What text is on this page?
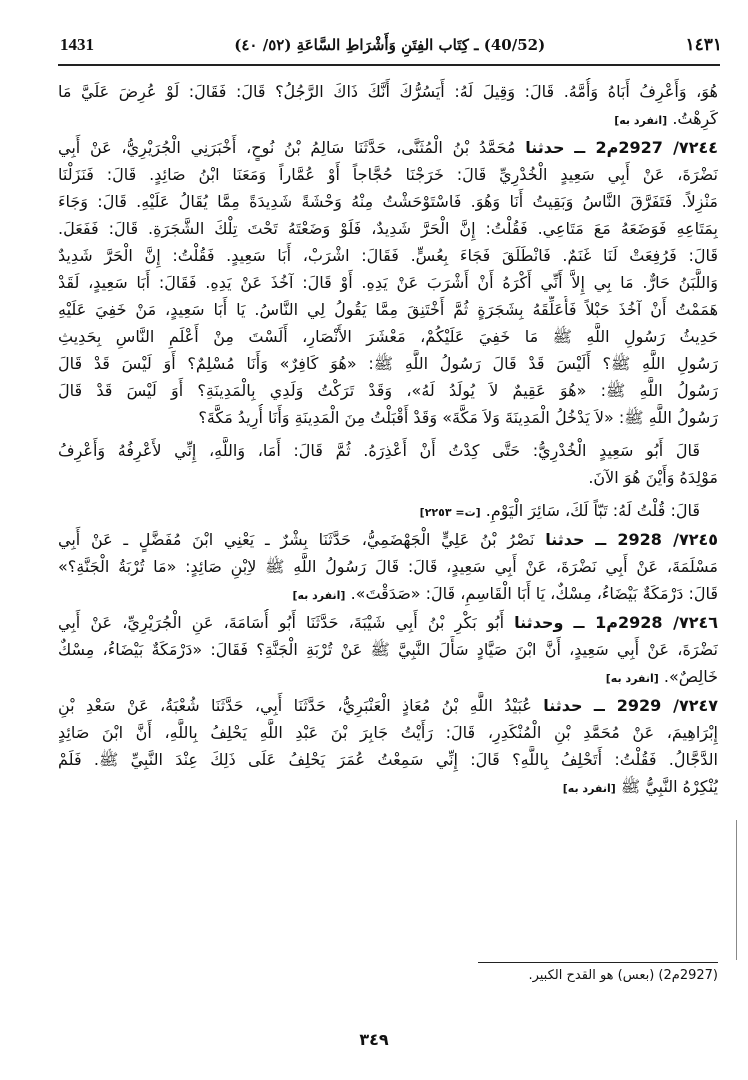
1431	(40/52) ـ كِتَاب الفِتَنِ وَأَشْرَاطِ السَّاعَةِ (٥٢/ ٤٠)	١٤٣١
هُوَ، وَأَعْرِفُ أَبَاهُ وَأُمَّهُ. قَالَ: وَقِيلَ لَهُ: أَيَسُرُّكَ أَنَّكَ ذَاكَ الرَّجُلُ؟ قَالَ: فَقَالَ: لَوْ عُرِضَ عَلَيَّ مَا
كَرِهْتُ. [انفرد به]
٧٢٤٤/ 2927م2 ــ حدثنا مُحَمَّدُ بْنُ الْمُثَنَّى، حَدَّثَنَا سَالِمُ بْنُ نُوحٍ، أَخْبَرَنِي الْجُرَيْرِيُّ، عَنْ أَبِي
نَضْرَةَ، عَنْ أَبِي سَعِيدٍ الْخُدْرِيِّ قَالَ: خَرَجْنَا حُجَّاجاً أَوْ عُمَّاراً وَمَعَنَا ابْنُ صَائِدٍ. قَالَ: فَنَزَلْنَا
مَنْزِلاً. فَتَفَرَّقَ النَّاسُ وَبَقِيتُ أَنَا وَهُوَ. فَاسْتَوْحَشْتُ مِنْهُ وَحْشَةً شَدِيدَةً مِمَّا يُقَالُ عَلَيْهِ. قَالَ: وَجَاءَ
بِمَتَاعِهِ فَوَضَعَهُ مَعَ مَتَاعِي. فَقُلْتُ: إِنَّ الْحَرَّ شَدِيدٌ، فَلَوْ وَضَعْتَهُ تَحْتَ تِلْكَ الشَّجَرَةِ. قَالَ: فَفَعَلَ.
قَالَ: فَرُفِعَتْ لَنَا غَنَمٌ. فَانْطَلَقَ فَجَاءَ بِعُسٍّ. فَقَالَ: اشْرَبْ، أَبَا سَعِيدٍ. فَقُلْتُ: إِنَّ الْحَرَّ شَدِيدٌ
وَاللَّبَنُ حَارٌّ. مَا بِي إِلاَّ أَنِّي أَكْرَهُ أَنْ أَشْرَبَ عَنْ يَدِهِ. أَوْ قَالَ: آخُذَ عَنْ يَدِهِ. فَقَالَ: أَبَا سَعِيدٍ، لَقَدْ
هَمَمْتُ أَنْ آخُذَ حَبْلاً فَأُعَلِّقَهُ بِشَجَرَةٍ ثُمَّ أَخْتَنِقَ مِمَّا يَقُولُ لِي النَّاسُ. يَا أَبَا سَعِيدٍ، مَنْ خَفِيَ عَلَيْهِ
حَدِيثُ رَسُولِ اللَّهِ ﷺ مَا خَفِيَ عَلَيْكُمْ، مَعْشَرَ الأَنْصَارِ، أَلَسْتَ مِنْ أَعْلَمِ النَّاسِ بِحَدِيثِ
رَسُولِ اللَّهِ ﷺ؟ أَلَيْسَ قَدْ قَالَ رَسُولُ اللَّهِ ﷺ: «هُوَ كَافِرٌ» وَأَنَا مُسْلِمٌ؟ أَوَ لَيْسَ قَدْ قَالَ
رَسُولُ اللَّهِ ﷺ: «هُوَ عَقِيمٌ لاَ يُولَدُ لَهُ»، وَقَدْ تَرَكْتُ وَلَدِي بِالْمَدِينَةِ؟ أَوَ لَيْسَ قَدْ قَالَ
رَسُولُ اللَّهِ ﷺ: «لاَ يَدْخُلُ الْمَدِينَةَ وَلاَ مَكَّةَ» وَقَدْ أَقْبَلْتُ مِنَ الْمَدِينَةِ وَأَنَا أُرِيدُ مَكَّةَ؟
قَالَ أَبُو سَعِيدٍ الْخُدْرِيُّ: حَتَّى كِدْتُ أَنْ أَعْذِرَهُ. ثُمَّ قَالَ: أَمَا، وَاللَّهِ، إِنِّي لأَعْرِفُهُ وَأَعْرِفُ
مَوْلِدَهُ وَأَيْنَ هُوَ الآنَ.
قَالَ: قُلْتُ لَهُ: تَبّاً لَكَ، سَائِرَ الْيَوْمِ. [ت= ٢٢٥٣]
٧٢٤٥/ 2928 ــ حدثنا نَصْرُ بْنُ عَلِيٍّ الْجَهْضَمِيُّ، حَدَّثَنَا بِشْرٌ ـ يَعْنِي ابْنَ مُفَضَّلٍ ـ عَنْ أَبِي
مَسْلَمَةَ، عَنْ أَبِي نَضْرَةَ، عَنْ أَبِي سَعِيدٍ، قَالَ: قَالَ رَسُولُ اللَّهِ ﷺ لاِبْنِ صَائِدٍ: «مَا تُرْبَةُ الْجَنَّةِ؟»
قَالَ: دَرْمَكَةٌ بَيْضَاءُ، مِسْكٌ، يَا أَبَا الْقَاسِمِ، قَالَ: «صَدَقْتَ». [انفرد به]
٧٢٤٦/ 2928م1 ــ وحدثنا أَبُو بَكْرِ بْنُ أَبِي شَيْبَةَ، حَدَّثَنَا أَبُو أُسَامَةَ، عَنِ الْجُرَيْرِيِّ، عَنْ أَبِي
نَضْرَةَ، عَنْ أَبِي سَعِيدٍ، أَنَّ ابْنَ صَيَّادٍ سَأَلَ النَّبِيَّ ﷺ عَنْ تُرْبَةِ الْجَنَّةِ؟ فَقَالَ: «دَرْمَكَةٌ بَيْضَاءُ، مِسْكٌ
خَالِصٌ». [انفرد به]
٧٢٤٧/ 2929 ــ حدثنا عُبَيْدُ اللَّهِ بْنُ مُعَاذٍ الْعَنْبَرِيُّ، حَدَّثَنَا أَبِي، حَدَّثَنَا شُعْبَةُ، عَنْ سَعْدِ بْنِ
إِبْرَاهِيمَ، عَنْ مُحَمَّدِ بْنِ الْمُنْكَدِرِ، قَالَ: رَأَيْتُ جَابِرَ بْنَ عَبْدِ اللَّهِ يَحْلِفُ بِاللَّهِ، أَنَّ ابْنَ صَائِدٍ
الدَّجَّالُ. فَقُلْتُ: أَتَحْلِفُ بِاللَّهِ؟ قَالَ: إِنِّي سَمِعْتُ عُمَرَ يَحْلِفُ عَلَى ذَلِكَ عِنْدَ النَّبِيِّ ﷺ. فَلَمْ
يُنْكِرْهُ النَّبِيُّ ﷺ [انفرد به]
(2927م2) (بعس) هو القدح الكبير.
٣٤٩
